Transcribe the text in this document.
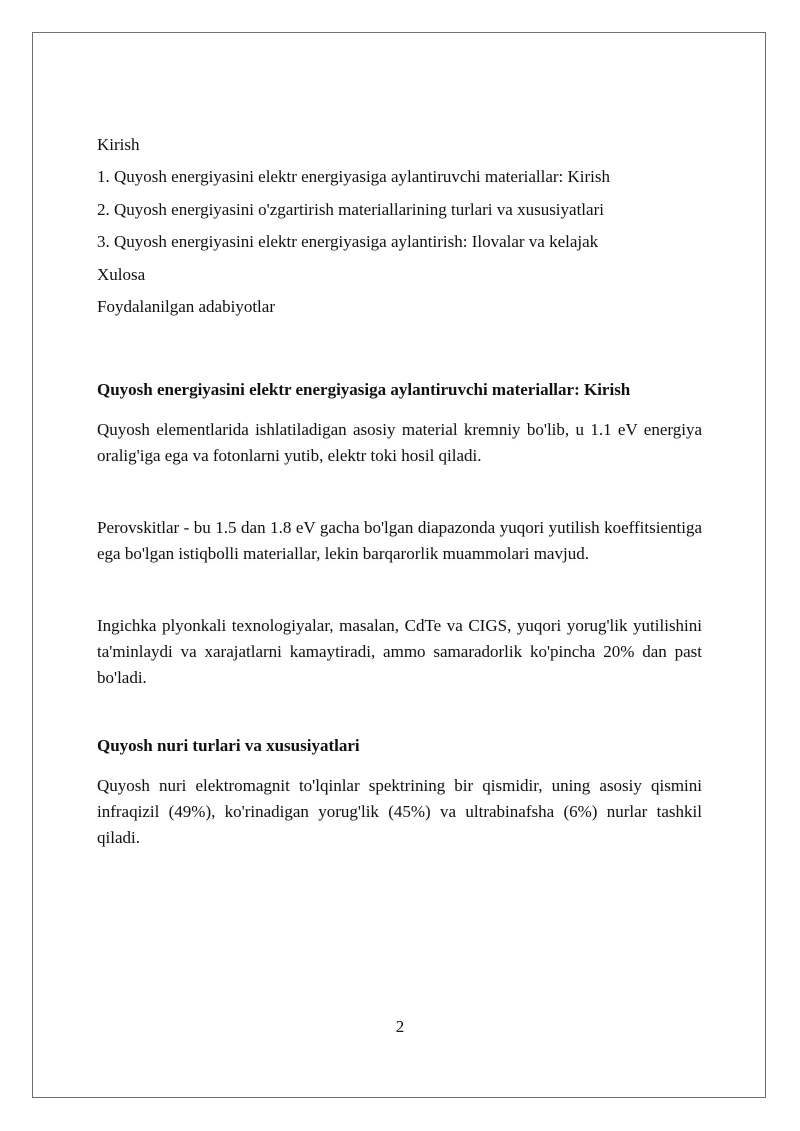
Kirish
1. Quyosh energiyasini elektr energiyasiga aylantiruvchi materiallar: Kirish
2. Quyosh energiyasini o'zgartirish materiallarining turlari va xususiyatlari
3. Quyosh energiyasini elektr energiyasiga aylantirish: Ilovalar va kelajak
Xulosa
Foydalanilgan adabiyotlar
Quyosh energiyasini elektr energiyasiga aylantiruvchi materiallar: Kirish

Quyosh elementlarida ishlatiladigan asosiy material kremniy bo'lib, u 1.1 eV energiya oralig'iga ega va fotonlarni yutib, elektr toki hosil qiladi.

Perovskitlar - bu 1.5 dan 1.8 eV gacha bo'lgan diapazonda yuqori yutilish koeffitsientiga ega bo'lgan istiqbolli materiallar, lekin barqarorlik muammolari mavjud.

Ingichka plyonkali texnologiyalar, masalan, CdTe va CIGS, yuqori yorug'lik yutilishini ta'minlaydi va xarajatlarni kamaytiradi, ammo samaradorlik ko'pincha 20% dan past bo'ladi.

Quyosh nuri turlari va xususiyatlari

Quyosh nuri elektromagnit to'lqinlar spektrining bir qismidir, uning asosiy qismini infraqizil (49%), ko'rinadigan yorug'lik (45%) va ultrabinafsha (6%) nurlar tashkil qiladi.

2
